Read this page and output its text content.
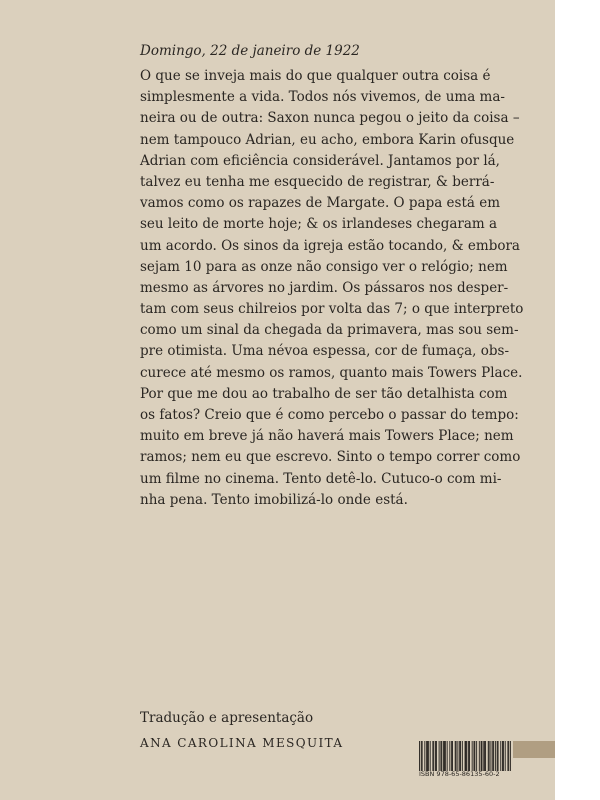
Domingo, 22 de janeiro de 1922
O que se inveja mais do que qualquer outra coisa é
simplesmente a vida. Todos nós vivemos, de uma ma-
neira ou de outra: Saxon nunca pegou o jeito da coisa –
nem tampouco Adrian, eu acho, embora Karin ofusque
Adrian com eficiência considerável. Jantamos por lá,
talvez eu tenha me esquecido de registrar, & berrá-
vamos como os rapazes de Margate. O papa está em
seu leito de morte hoje; & os irlandeses chegaram a
um acordo. Os sinos da igreja estão tocando, & embora
sejam 10 para as onze não consigo ver o relógio; nem
mesmo as árvores no jardim. Os pássaros nos desper-
tam com seus chilreios por volta das 7; o que interpreto
como um sinal da chegada da primavera, mas sou sem-
pre otimista. Uma névoa espessa, cor de fumaça, obs-
curece até mesmo os ramos, quanto mais Towers Place.
Por que me dou ao trabalho de ser tão detalhista com
os fatos? Creio que é como percebo o passar do tempo:
muito em breve já não haverá mais Towers Place; nem
ramos; nem eu que escrevo. Sinto o tempo correr como
um filme no cinema. Tento detê-lo. Cutuco-o com mi-
nha pena. Tento imobilizá-lo onde está.
Tradução e apresentação
ANA CAROLINA MESQUITA
ISBN 978-65-86135-60-2
